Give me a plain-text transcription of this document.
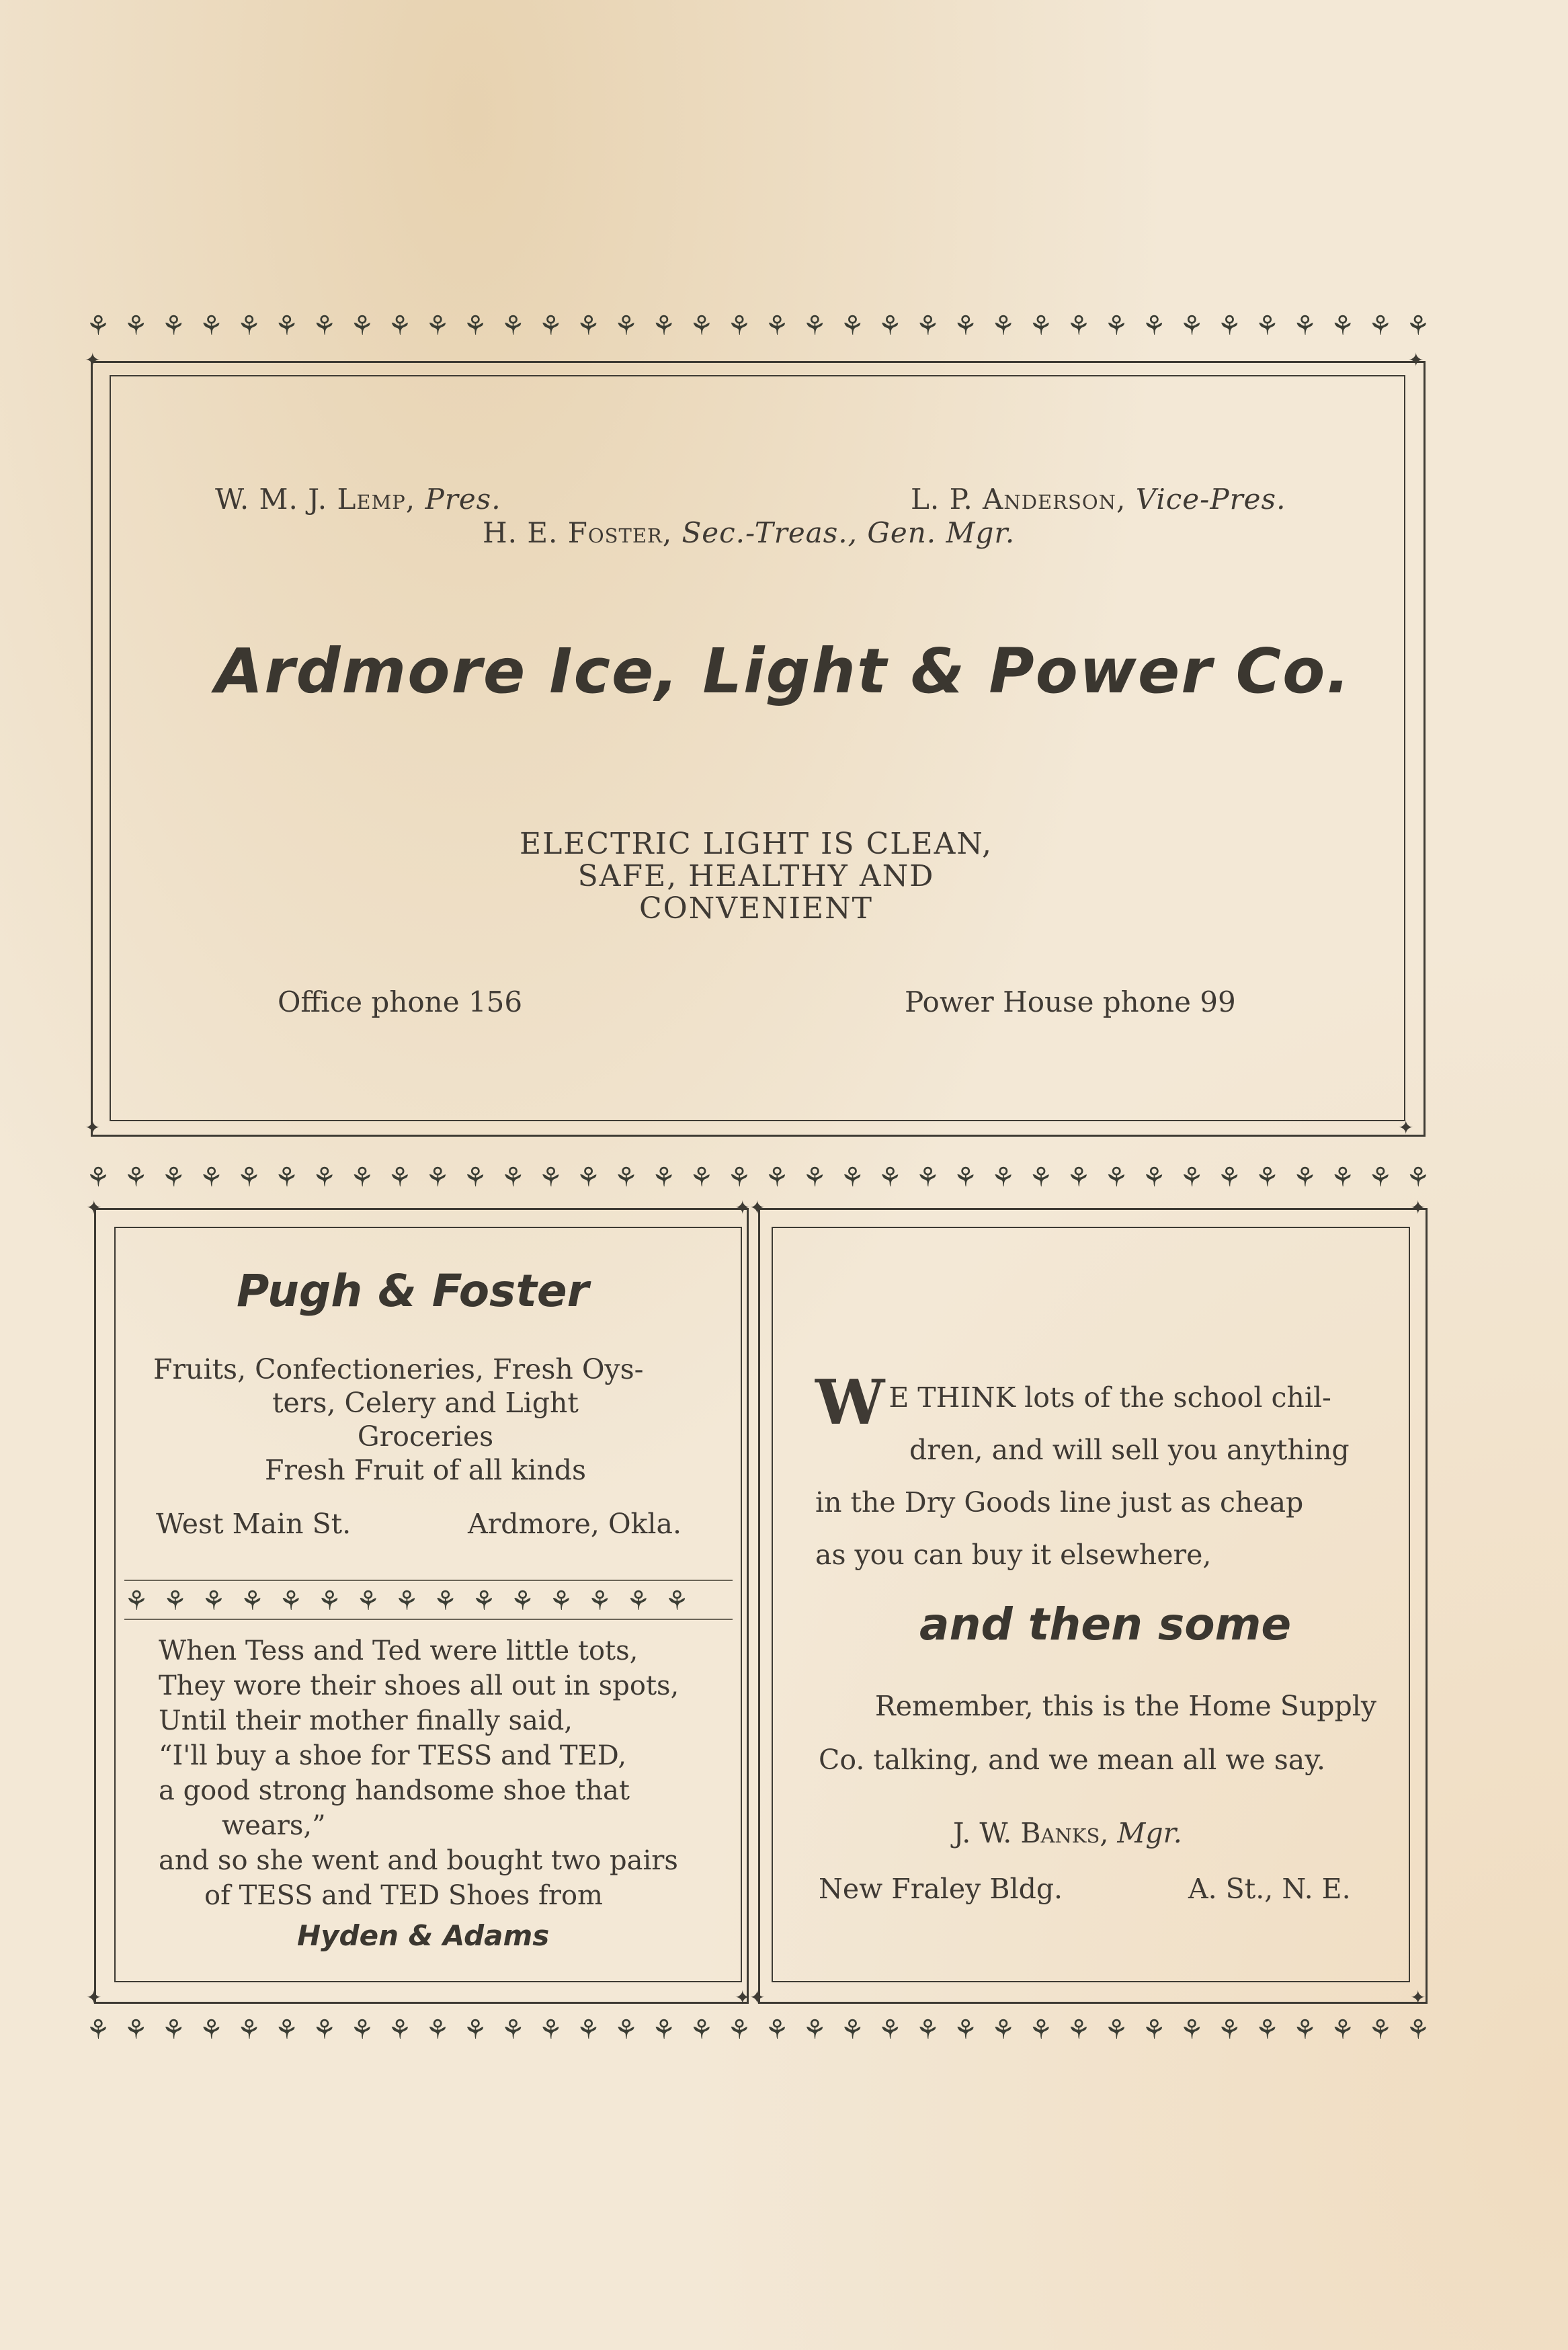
⚘ ⚘ ⚘ ⚘ ⚘ ⚘ ⚘ ⚘ ⚘ ⚘ ⚘ ⚘ ⚘ ⚘ ⚘ ⚘ ⚘ ⚘ ⚘ ⚘ ⚘ ⚘ ⚘ ⚘ ⚘ ⚘ ⚘ ⚘ ⚘ ⚘ ⚘ ⚘ ⚘ ⚘ ⚘ ⚘
⚘ ⚘ ⚘ ⚘ ⚘ ⚘ ⚘ ⚘ ⚘ ⚘ ⚘ ⚘ ⚘ ⚘ ⚘ ⚘ ⚘ ⚘ ⚘ ⚘ ⚘ ⚘ ⚘ ⚘ ⚘ ⚘ ⚘ ⚘ ⚘ ⚘ ⚘ ⚘ ⚘ ⚘ ⚘ ⚘
⚘ ⚘ ⚘ ⚘ ⚘ ⚘ ⚘ ⚘ ⚘ ⚘ ⚘ ⚘ ⚘ ⚘ ⚘ ⚘ ⚘ ⚘ ⚘ ⚘ ⚘ ⚘ ⚘ ⚘ ⚘ ⚘ ⚘ ⚘ ⚘ ⚘ ⚘ ⚘ ⚘ ⚘ ⚘ ⚘
✦	✦
✦	✦
W. M. J. Lemp, Pres.	L. P. Anderson, Vice-Pres.
H. E. Foster, Sec.-Treas., Gen. Mgr.
Ardmore Ice, Light & Power Co.
ELECTRIC LIGHT IS CLEAN,
SAFE, HEALTHY AND
CONVENIENT
Office phone 156	Power House phone 99
✦	✦
✦	✦
Pugh & Foster
Fruits, Confectioneries, Fresh Oys-
ters, Celery and Light
Groceries
Fresh Fruit of all kinds
West Main St.	Ardmore, Okla.
⚘ ⚘ ⚘ ⚘ ⚘ ⚘ ⚘ ⚘ ⚘ ⚘ ⚘ ⚘ ⚘ ⚘ ⚘
When Tess and Ted were little tots,
They wore their shoes all out in spots,
Until their mother finally said,
“I'll buy a shoe for TESS and TED,
a good strong handsome shoe that
wears,”
and so she went and bought two pairs
of TESS and TED Shoes from
Hyden & Adams
✦	✦
✦	✦
W E THINK lots of the school chil-
dren, and will sell you anything
in the Dry Goods line just as cheap
as you can buy it elsewhere,
and then some
Remember, this is the Home Supply
Co. talking, and we mean all we say.
J. W. Banks, Mgr.
New Fraley Bldg.	A. St., N. E.
